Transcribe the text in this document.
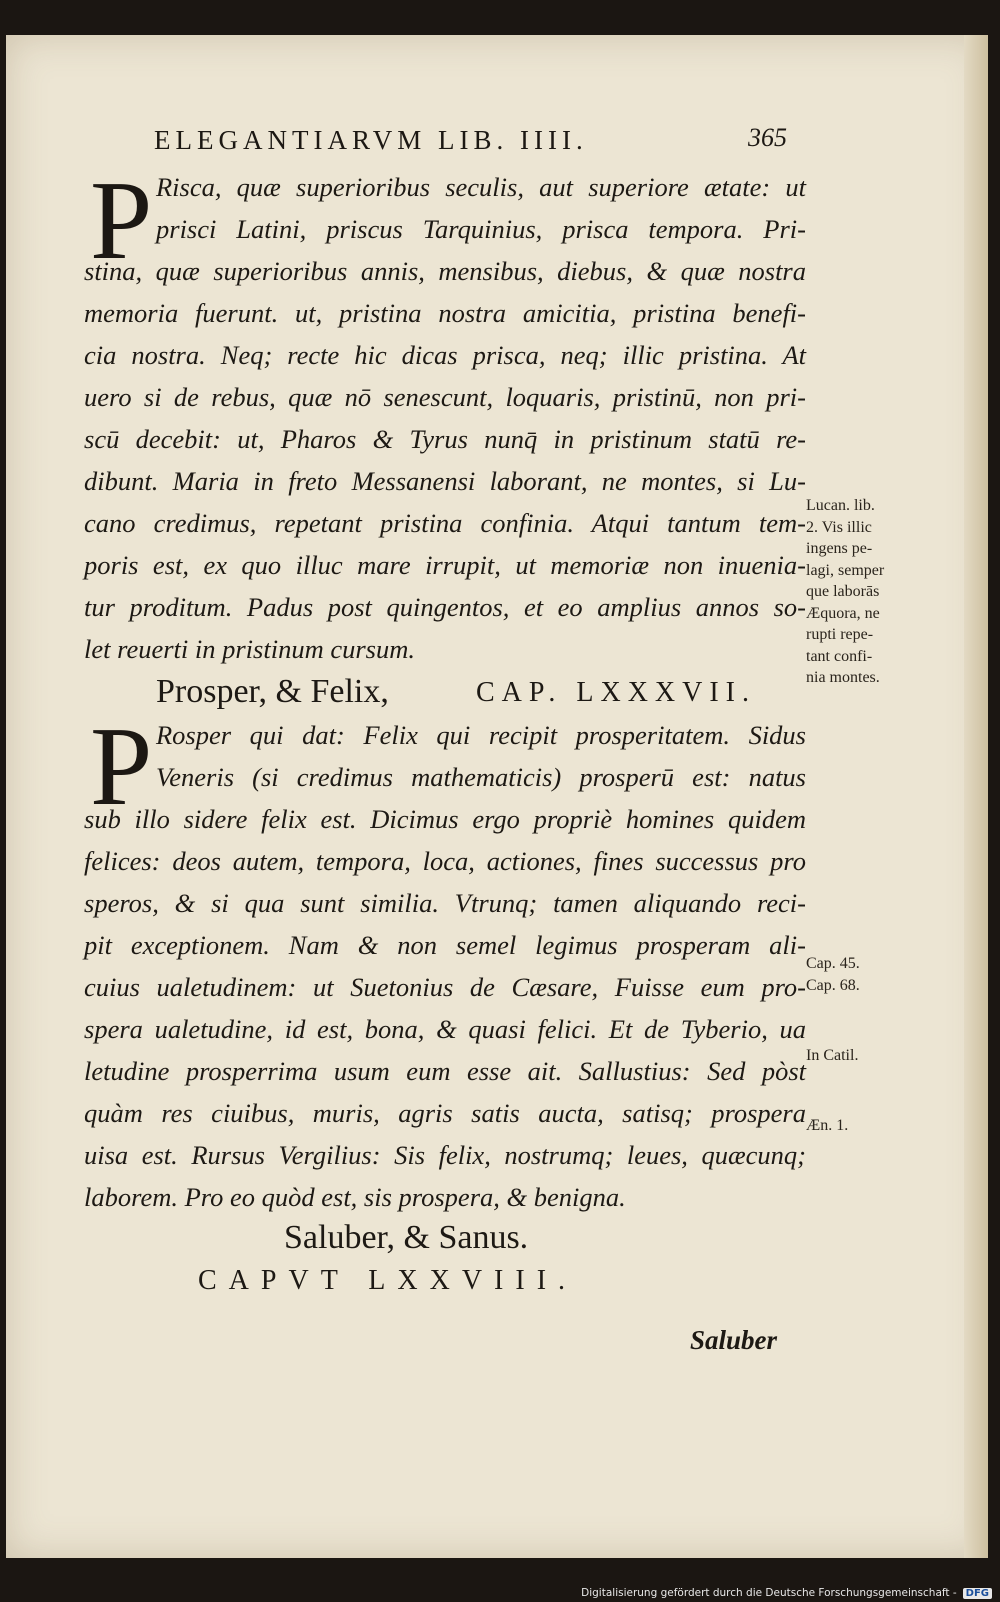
ELEGANTIARVM LIB. IIII.	365
P Risca, quæ superioribus seculis, aut superiore ætate: ut
prisci Latini, priscus Tarquinius, prisca tempora. Pri-
stina, quæ superioribus annis, mensibus, diebus, & quæ nostra
memoria fuerunt. ut, pristina nostra amicitia, pristina benefi-
cia nostra. Neq; recte hic dicas prisca, neq; illic pristina. At
uero si de rebus, quæ nō senescunt, loquaris, pristinū, non pri-
scū decebit: ut, Pharos & Tyrus nunq̄ in pristinum statū re-
dibunt. Maria in freto Messanensi laborant, ne montes, si Lu-
cano credimus, repetant pristina confinia. Atqui tantum tem-
poris est, ex quo illuc mare irrupit, ut memoriæ non inuenia-
tur proditum. Padus post quingentos, et eo amplius annos so-
let reuerti in pristinum cursum.
Prosper, & Felix,	CAP. LXXXVII.
P Rosper qui dat: Felix qui recipit prosperitatem. Sidus
Veneris (si credimus mathematicis) prosperū est: natus
sub illo sidere felix est. Dicimus ergo propriè homines quidem
felices: deos autem, tempora, loca, actiones, fines successus pro
speros, & si qua sunt similia. Vtrunq; tamen aliquando reci-
pit exceptionem. Nam & non semel legimus prosperam ali-
cuius ualetudinem: ut Suetonius de Cæsare, Fuisse eum pro-
spera ualetudine, id est, bona, & quasi felici. Et de Tyberio, ua
letudine prosperrima usum eum esse ait. Sallustius: Sed pòst
quàm res ciuibus, muris, agris satis aucta, satisq; prospera
uisa est. Rursus Vergilius: Sis felix, nostrumq; leues, quæcunq;
laborem. Pro eo quòd est, sis prospera, & benigna.
Saluber, & Sanus.
CAPVT LXXVIII.
Saluber
Lucan. lib.
2. Vis illic
ingens pe-
lagi, semper
que laborās
Æquora, ne
rupti repe-
tant confi-
nia montes.
Cap. 45.
Cap. 68.
In Catil.
Æn. 1.
Digitalisierung gefördert durch die Deutsche Forschungsgemeinschaft - DFG
